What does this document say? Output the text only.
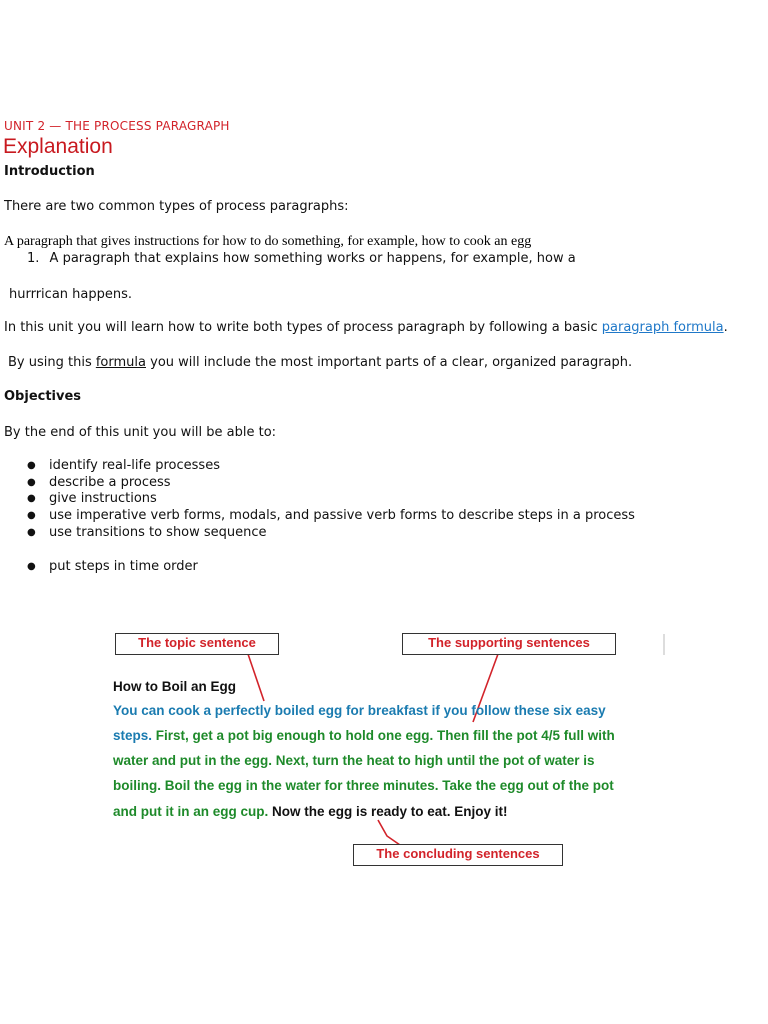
UNIT 2 — THE PROCESS PARAGRAPH
Explanation
Introduction
There are two common types of process paragraphs:
A paragraph that gives instructions for how to do something, for example, how to cook an egg
1. A paragraph that explains how something works or happens, for example, how a
hurrrican happens.
In this unit you will learn how to write both types of process paragraph by following a basic paragraph formula.
By using this formula you will include the most important parts of a clear, organized paragraph.
Objectives
By the end of this unit you will be able to:
● identify real-life processes
● describe a process
● give instructions
● use imperative verb forms, modals, and passive verb forms to describe steps in a process
● use transitions to show sequence
● put steps in time order
The topic sentence	The supporting sentences
The concluding sentences
How to Boil an Egg
You can cook a perfectly boiled egg for breakfast if you follow these six easy
steps. First, get a pot big enough to hold one egg. Then fill the pot 4/5 full with
water and put in the egg. Next, turn the heat to high until the pot of water is
boiling. Boil the egg in the water for three minutes. Take the egg out of the pot
and put it in an egg cup. Now the egg is ready to eat. Enjoy it!
